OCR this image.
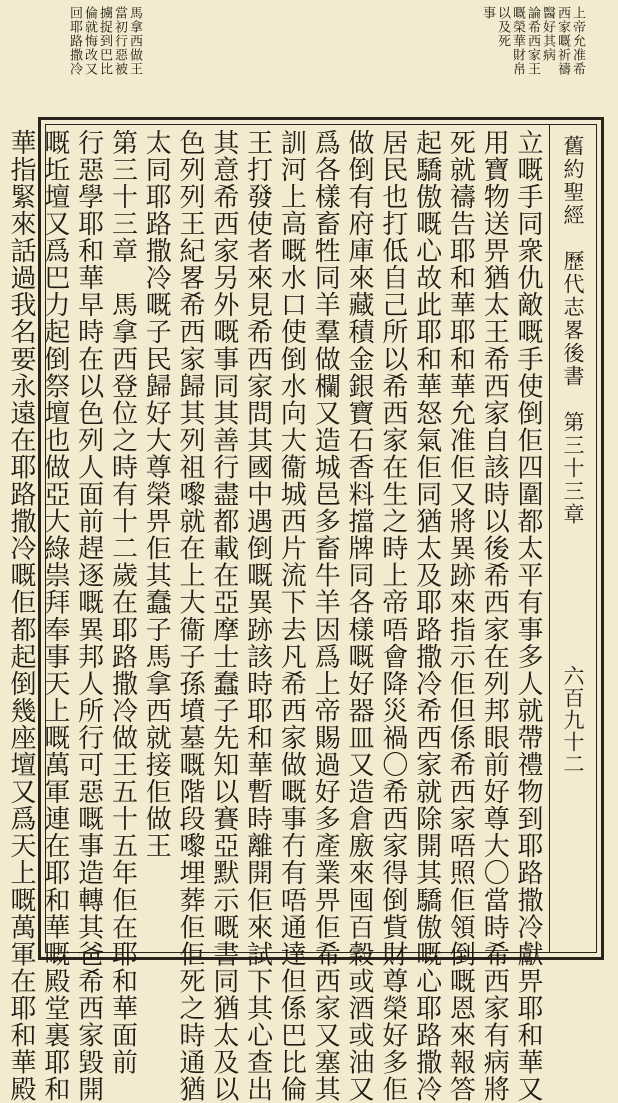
上帝允准希
西家嘅祈禱
醫好其病
論希西家王
嘅榮華財帛
以及死
事
馬拿西做王
當初行惡被
擄捉到巴比
倫就悔改又
回耶路撒冷
舊約聖經　歷代志畧後書　第三十三章
六百九十二

立嘅手同衆仇敵嘅手使倒佢四圍都太平有事多人就帶禮物到耶路撒冷獻畀耶和華又

用寶物送畀猶太王希西家自該時以後希西家在列邦眼前好尊大〇當時希西家有病將

死就禱告耶和華耶和華允准佢又將異跡來指示佢但係希西家唔照佢領倒嘅恩來報答

起驕傲嘅心故此耶和華怒氣佢同猶太及耶路撒冷希西家就除開其驕傲嘅心耶路撒冷

居民也打低自己所以希西家在生之時上帝唔會降災禍〇希西家得倒貲財尊榮好多佢

做倒有府庫來藏積金銀寶石香料擋牌同各樣嘅好器皿又造倉廒來囤百穀或酒或油又

爲各樣畜牲同羊羣做欄又造城邑多畜牛羊因爲上帝賜過好多產業畀佢希西家又塞其

訓河上高嘅水口使倒水向大衞城西片流下去凡希西家做嘅事冇有唔通達但係巴比倫

王打發使者來見希西家問其國中遇倒嘅異跡該時耶和華暫時離開佢來試下其心查出

其意希西家另外嘅事同其善行盡都載在亞摩士蠢子先知以賽亞默示嘅書同猶太及以

色列列王紀畧希西家歸其列祖嚟就在上大衞子孫墳墓嘅階段嚟埋葬佢佢死之時通猶

太同耶路撒冷嘅子民歸好大尊榮畀佢其蠢子馬拿西就接佢做王

第三十三章　馬拿西登位之時有十二歲在耶路撒冷做王五十五年佢在耶和華面前

行惡學耶和華早時在以色列人面前趕逐嘅異邦人所行可惡嘅事造轉其爸希西家毀開

嘅坵壇又爲巴力起倒祭壇也做亞大綠祟拜奉事天上嘅萬軍連在耶和華嘅殿堂裏耶和

華指緊來話過我名要永遠在耶路撒冷嘅佢都起倒幾座壇又爲天上嘅萬軍在耶和華殿
